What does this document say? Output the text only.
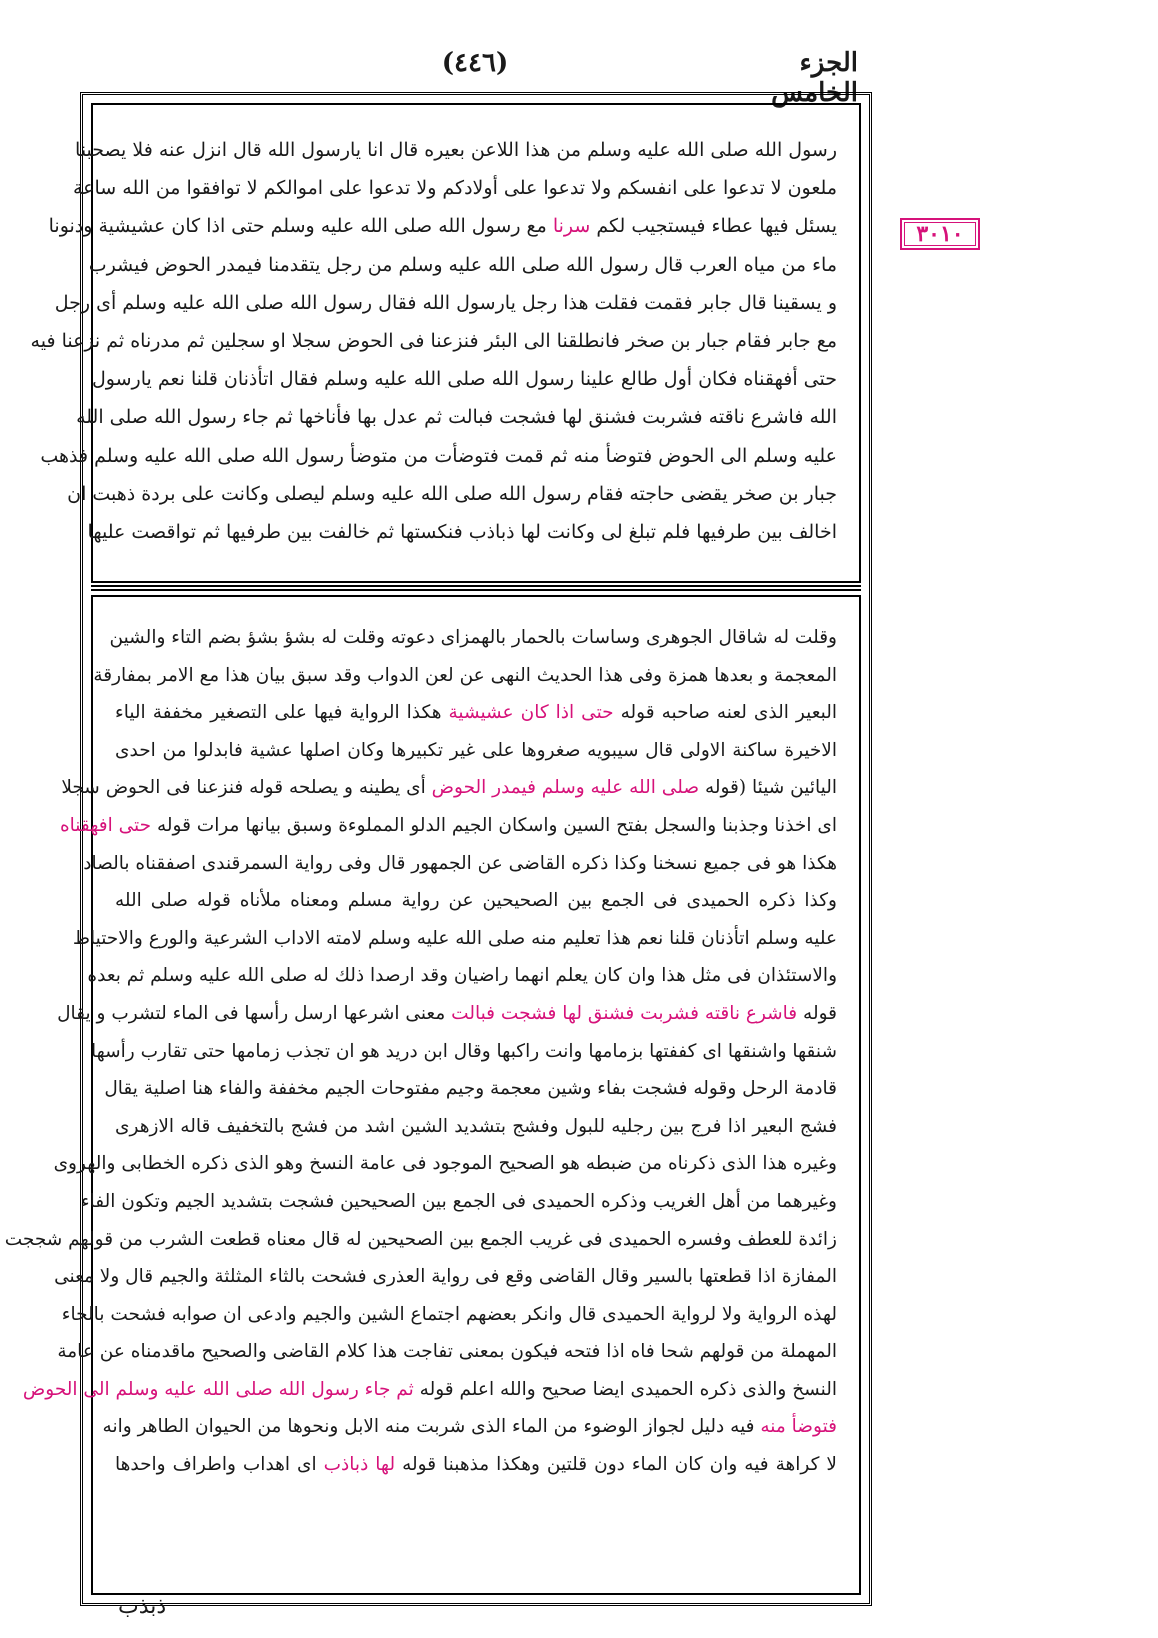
الجزء الخامس
(٤٤٦)

رسول الله صلى الله عليه وسلم من هذا اللاعن بعيره قال انا يارسول الله قال انزل عنه فلا يصحبنا

ملعون لا تدعوا على انفسكم ولا تدعوا على أولادكم ولا تدعوا على اموالكم لا توافقوا من الله ساعة

يسئل فيها عطاء فيستجيب لكم سرنا مع رسول الله صلى الله عليه وسلم حتى اذا كان عشيشية ودنونا

ماء من مياه العرب قال رسول الله صلى الله عليه وسلم من رجل يتقدمنا فيمدر الحوض فيشرب

و يسقينا قال جابر فقمت فقلت هذا رجل يارسول الله فقال رسول الله صلى الله عليه وسلم أى رجل

مع جابر فقام جبار بن صخر فانطلقنا الى البئر فنزعنا فى الحوض سجلا او سجلين ثم مدرناه ثم نزعنا فيه

حتى أفهقناه فكان أول طالع علينا رسول الله صلى الله عليه وسلم فقال اتأذنان قلنا نعم يارسول

الله فاشرع ناقته فشربت فشنق لها فشجت فبالت ثم عدل بها فأناخها ثم جاء رسول الله صلى الله

عليه وسلم الى الحوض فتوضأ منه ثم قمت فتوضأت من متوضأ رسول الله صلى الله عليه وسلم فذهب

جبار بن صخر يقضى حاجته فقام رسول الله صلى الله عليه وسلم ليصلى وكانت على بردة ذهبت ان

اخالف بين طرفيها فلم تبلغ لى وكانت لها ذباذب فنكستها ثم خالفت بين طرفيها ثم تواقصت عليها

وقلت له شاقال الجوهرى وساسات بالحمار بالهمزاى دعوته وقلت له بشؤ بشؤ بضم التاء والشين

المعجمة و بعدها همزة وفى هذا الحديث النهى عن لعن الدواب وقد سبق بيان هذا مع الامر بمفارقة

البعير الذى لعنه صاحبه قوله حتى اذا كان عشيشية هكذا الرواية فيها على التصغير مخففة الياء

الاخيرة ساكنة الاولى قال سيبويه صغروها على غير تكبيرها وكان اصلها عشية فابدلوا من احدى

اليائين شيئا (قوله صلى الله عليه وسلم فيمدر الحوض أى يطينه و يصلحه قوله فنزعنا فى الحوض سجلا

اى اخذنا وجذبنا والسجل بفتح السين واسكان الجيم الدلو المملوءة وسبق بيانها مرات قوله حتى افهقناه

هكذا هو فى جميع نسخنا وكذا ذكره القاضى عن الجمهور قال وفى رواية السمرقندى اصفقناه بالصاد

وكذا ذكره الحميدى فى الجمع بين الصحيحين عن رواية مسلم ومعناه ملأناه قوله صلى الله

عليه وسلم اتأذنان قلنا نعم هذا تعليم منه صلى الله عليه وسلم لامته الاداب الشرعية والورع والاحتياط

والاستئذان فى مثل هذا وان كان يعلم انهما راضيان وقد ارصدا ذلك له صلى الله عليه وسلم ثم بعده

قوله فاشرع ناقته فشربت فشنق لها فشجت فبالت معنى اشرعها ارسل رأسها فى الماء لتشرب و يقال

شنقها واشنقها اى كففتها بزمامها وانت راكبها وقال ابن دريد هو ان تجذب زمامها حتى تقارب رأسها

قادمة الرحل وقوله فشجت بفاء وشين معجمة وجيم مفتوحات الجيم مخففة والفاء هنا اصلية يقال

فشج البعير اذا فرج بين رجليه للبول وفشج بتشديد الشين اشد من فشج بالتخفيف قاله الازهرى

وغيره هذا الذى ذكرناه من ضبطه هو الصحيح الموجود فى عامة النسخ وهو الذى ذكره الخطابى والهروى

وغيرهما من أهل الغريب وذكره الحميدى فى الجمع بين الصحيحين فشجت بتشديد الجيم وتكون الفاء

زائدة للعطف وفسره الحميدى فى غريب الجمع بين الصحيحين له قال معناه قطعت الشرب من قولهم شججت

المفازة اذا قطعتها بالسير وقال القاضى وقع فى رواية العذرى فشحت بالثاء المثلثة والجيم قال ولا معنى

لهذه الرواية ولا لرواية الحميدى قال وانكر بعضهم اجتماع الشين والجيم وادعى ان صوابه فشحت بالحاء

المهملة من قولهم شحا فاه اذا فتحه فيكون بمعنى تفاجت هذا كلام القاضى والصحيح ماقدمناه عن عامة

النسخ والذى ذكره الحميدى ايضا صحيح والله اعلم قوله ثم جاء رسول الله صلى الله عليه وسلم الى الحوض

فتوضأ منه فيه دليل لجواز الوضوء من الماء الذى شربت منه الابل ونحوها من الحيوان الطاهر وانه

لا كراهة فيه وان كان الماء دون قلتين وهكذا مذهبنا قوله لها ذباذب اى اهداب واطراف واحدها

٣٠١٠
ذبذب
